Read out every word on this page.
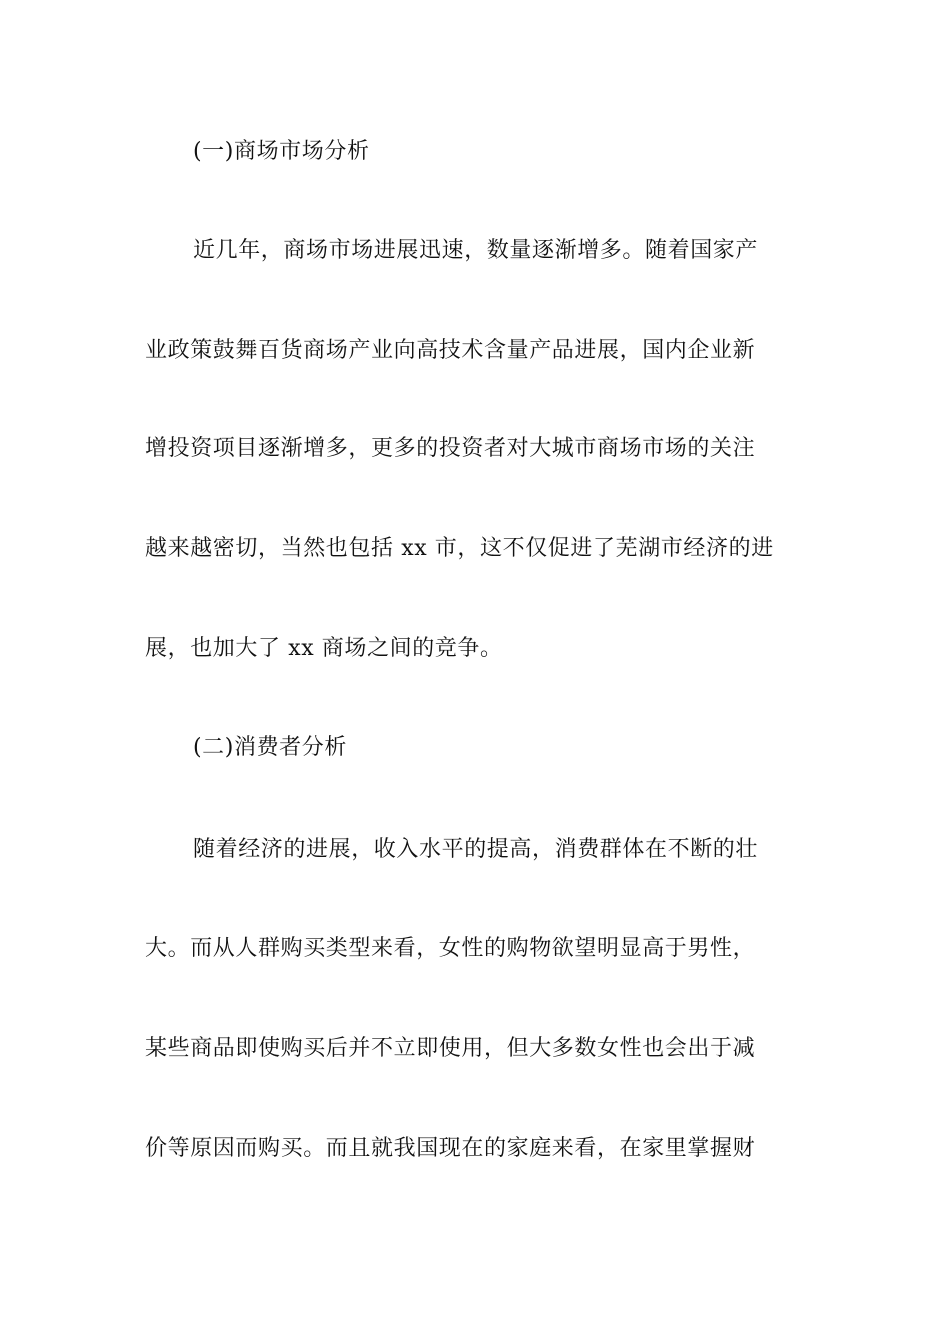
(一)商场市场分析
近几年，商场市场进展迅速，数量逐渐增多。随着国家产
业政策鼓舞百货商场产业向高技术含量产品进展，国内企业新
增投资项目逐渐增多，更多的投资者对大城市商场市场的关注
越来越密切，当然也包括 xx 市，这不仅促进了芜湖市经济的进
展，也加大了 xx 商场之间的竞争。
(二)消费者分析
随着经济的进展，收入水平的提高，消费群体在不断的壮
大。而从人群购买类型来看，女性的购物欲望明显高于男性，
某些商品即使购买后并不立即使用，但大多数女性也会出于减
价等原因而购买。而且就我国现在的家庭来看，在家里掌握财
